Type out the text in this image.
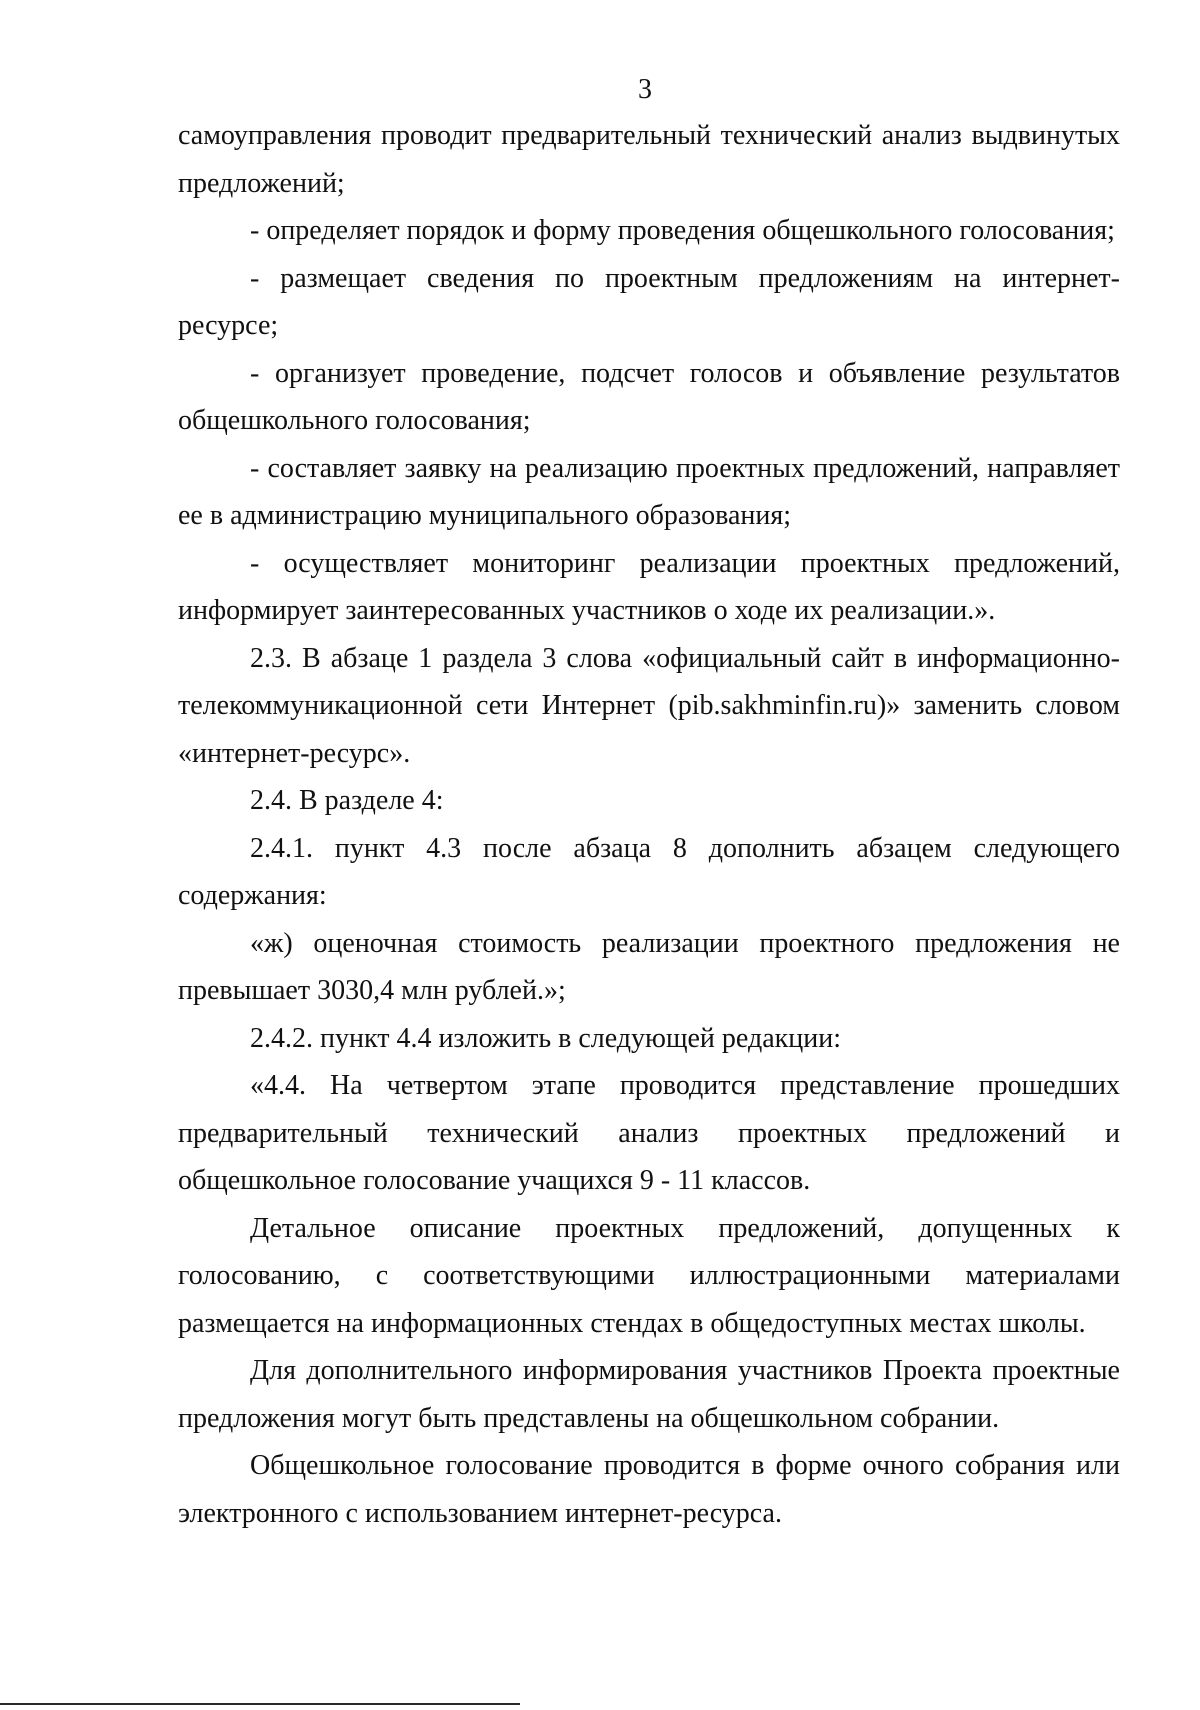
3

самоуправления проводит предварительный технический анализ выдвинутых предложений;

- определяет порядок и форму проведения общешкольного голосования;

- размещает сведения по проектным предложениям на интернет-ресурсе;

- организует проведение, подсчет голосов и объявление результатов общешкольного голосования;

- составляет заявку на реализацию проектных предложений, направляет ее в администрацию муниципального образования;

- осуществляет мониторинг реализации проектных предложений, информирует заинтересованных участников о ходе их реализации.».

2.3. В абзаце 1 раздела 3 слова «официальный сайт в информационно-телекоммуникационной сети Интернет (pib.sakhminfin.ru)» заменить словом «интернет-ресурс».

2.4. В разделе 4:

2.4.1. пункт 4.3 после абзаца 8 дополнить абзацем следующего содержания:

«ж) оценочная стоимость реализации проектного предложения не превышает 3030,4 млн рублей.»;

2.4.2. пункт 4.4 изложить в следующей редакции:

«4.4. На четвертом этапе проводится представление прошедших предварительный технический анализ проектных предложений и общешкольное голосование учащихся 9 - 11 классов.

Детальное описание проектных предложений, допущенных к голосованию, с соответствующими иллюстрационными материалами размещается на информационных стендах в общедоступных местах школы.

Для дополнительного информирования участников Проекта проектные предложения могут быть представлены на общешкольном собрании.

Общешкольное голосование проводится в форме очного собрания или электронного с использованием интернет-ресурса.
